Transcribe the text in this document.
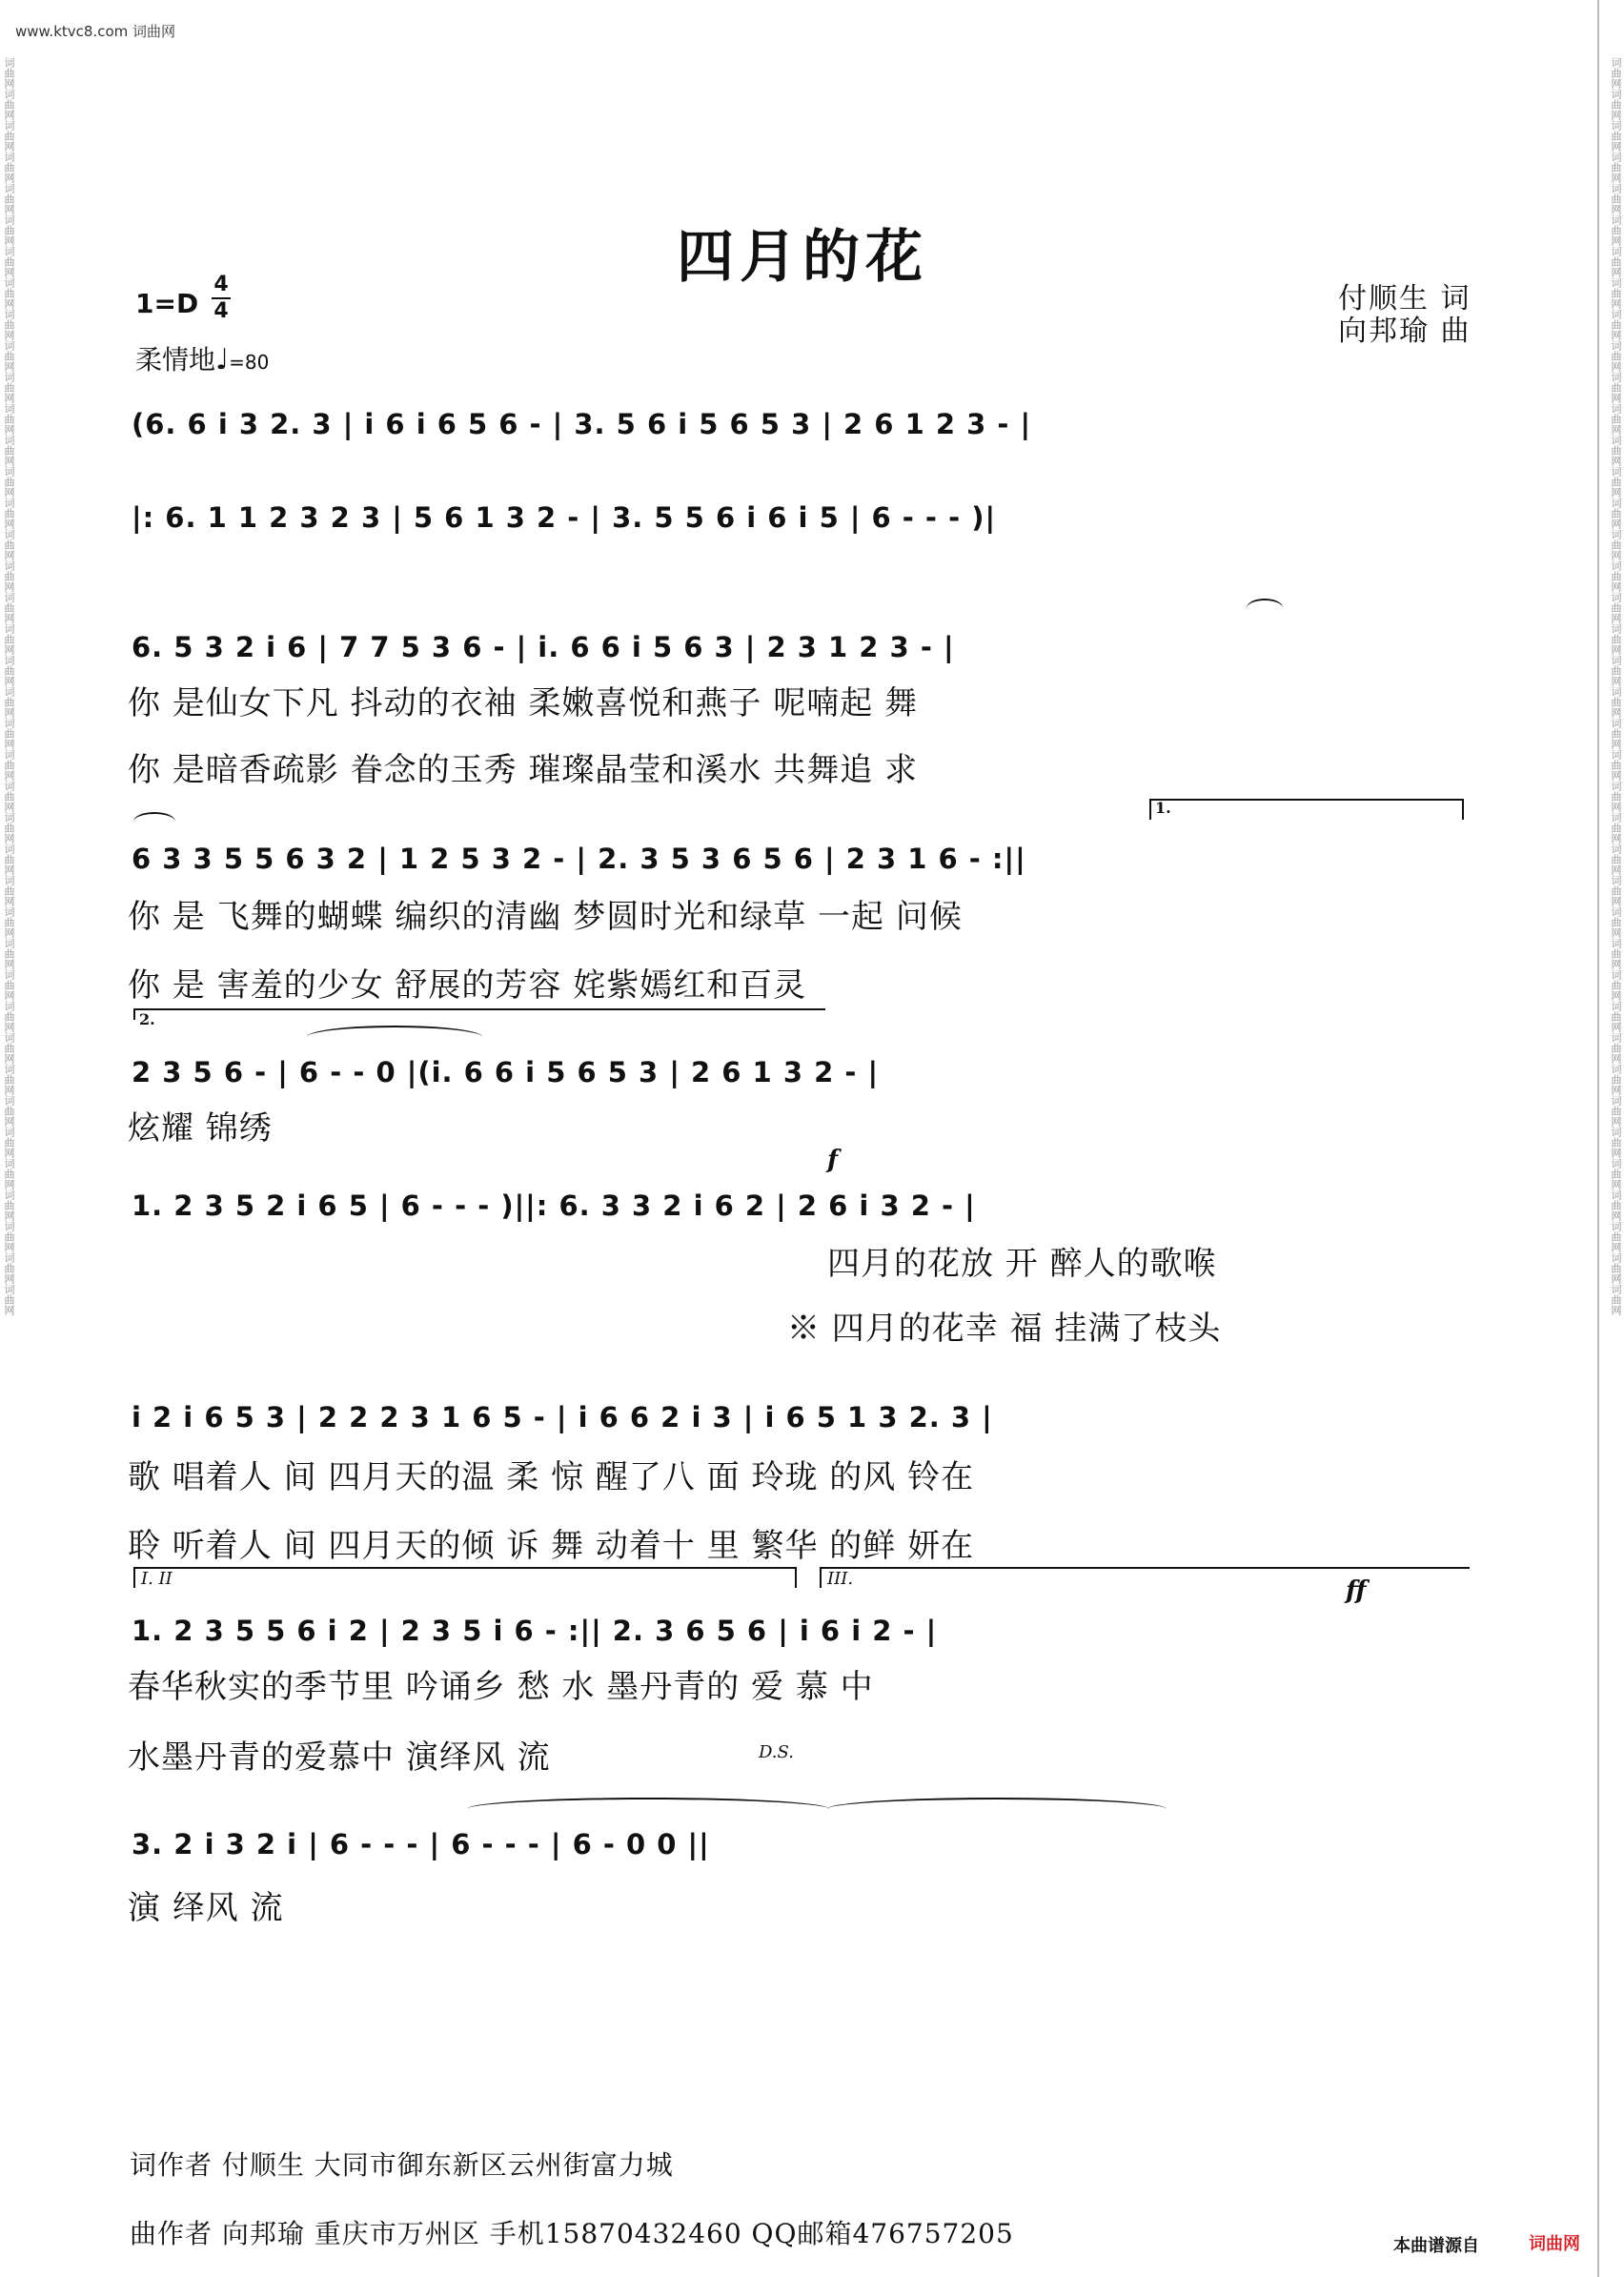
www.ktvc8.com 词曲网
词曲网词曲网词曲网词曲网词曲网词曲网词曲网词曲网词曲网词曲网词曲网词曲网词曲网词曲网词曲网词曲网词曲网词曲网词曲网词曲网词曲网词曲网词曲网词曲网词曲网词曲网词曲网词曲网词曲网词曲网词曲网词曲网词曲网词曲网词曲网词曲网词曲网词曲网词曲网词曲网	词曲网词曲网词曲网词曲网词曲网词曲网词曲网词曲网词曲网词曲网词曲网词曲网词曲网词曲网词曲网词曲网词曲网词曲网词曲网词曲网词曲网词曲网词曲网词曲网词曲网词曲网词曲网词曲网词曲网词曲网词曲网词曲网词曲网词曲网词曲网词曲网词曲网词曲网词曲网词曲网
四月的花
1=D
4
4
柔情地♩=80
付顺生 词
向邦瑜 曲
(6. 6 i 3 2. 3 | i 6 i 6 5 6 - | 3. 5 6 i 5 6 5 3 | 2 6 1 2 3 - |
|: 6. 1 1 2 3 2 3 | 5 6 1 3 2 - | 3. 5 5 6 i 6 i 5 | 6 - - - )|
6. 5 3 2 i 6 | 7 7 5 3 6 - | i. 6 6 i 5 6 3 | 2 3 1 2 3 - |
你 是仙女下凡 抖动的衣袖 柔嫩喜悦和燕子 呢喃起 舞
你 是暗香疏影 眷念的玉秀 璀璨晶莹和溪水 共舞追 求
1.
6 3 3 5 5 6 3 2 | 1 2 5 3 2 - | 2. 3 5 3 6 5 6 | 2 3 1 6 - :||
你 是 飞舞的蝴蝶 编织的清幽 梦圆时光和绿草 一起 问候
你 是 害羞的少女 舒展的芳容 姹紫嫣红和百灵
2.
2 3 5 6 - | 6 - - 0 |(i. 6 6 i 5 6 5 3 | 2 6 1 3 2 - |
炫耀 锦绣
f
1. 2 3 5 2 i 6 5 | 6 - - - )||: 6. 3 3 2 i 6 2 | 2 6 i 3 2 - |
四月的花放 开 醉人的歌喉
※ 四月的花幸 福 挂满了枝头
i 2 i 6 5 3 | 2 2 2 3 1 6 5 - | i 6 6 2 i 3 | i 6 5 1 3 2. 3 |
歌 唱着人 间 四月天的温 柔 惊 醒了八 面 玲珑 的风 铃在
聆 听着人 间 四月天的倾 诉 舞 动着十 里 繁华 的鲜 妍在
I. II	III.	ff
1. 2 3 5 5 6 i 2 | 2 3 5 i 6 - :|| 2. 3 6 5 6 | i 6 i 2 - |
春华秋实的季节里 吟诵乡 愁 水 墨丹青的 爱 慕 中
水墨丹青的爱慕中 演绎风 流	D.S.
3. 2 i 3 2 i | 6 - - - | 6 - - - | 6 - 0 0 ||
演 绎风 流
词作者 付顺生 大同市御东新区云州街富力城
曲作者 向邦瑜 重庆市万州区 手机15870432460 QQ邮箱476757205	本曲谱源自	词曲网
